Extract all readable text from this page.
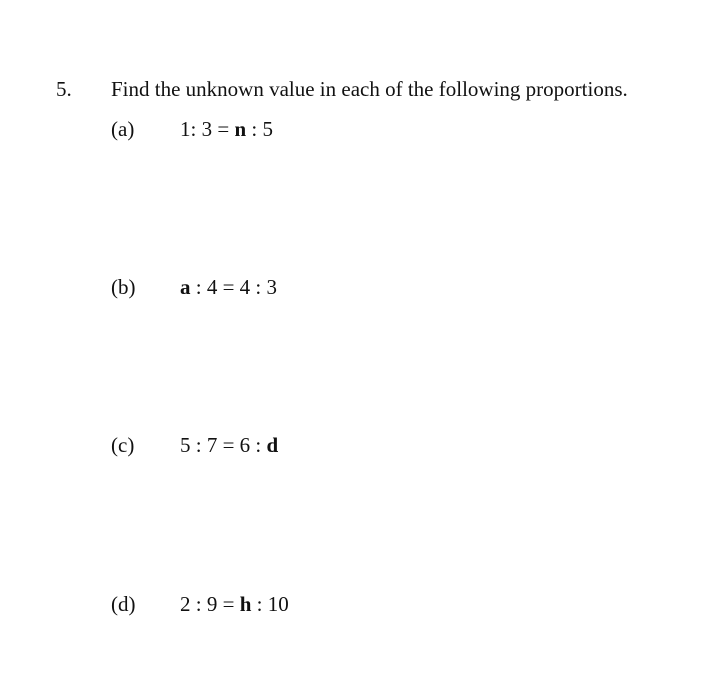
5. Find the unknown value in each of the following proportions.
(a) 1: 3 = n : 5
(b) a : 4 = 4 : 3
(c) 5 : 7 = 6 : d
(d) 2 : 9 = h : 10
